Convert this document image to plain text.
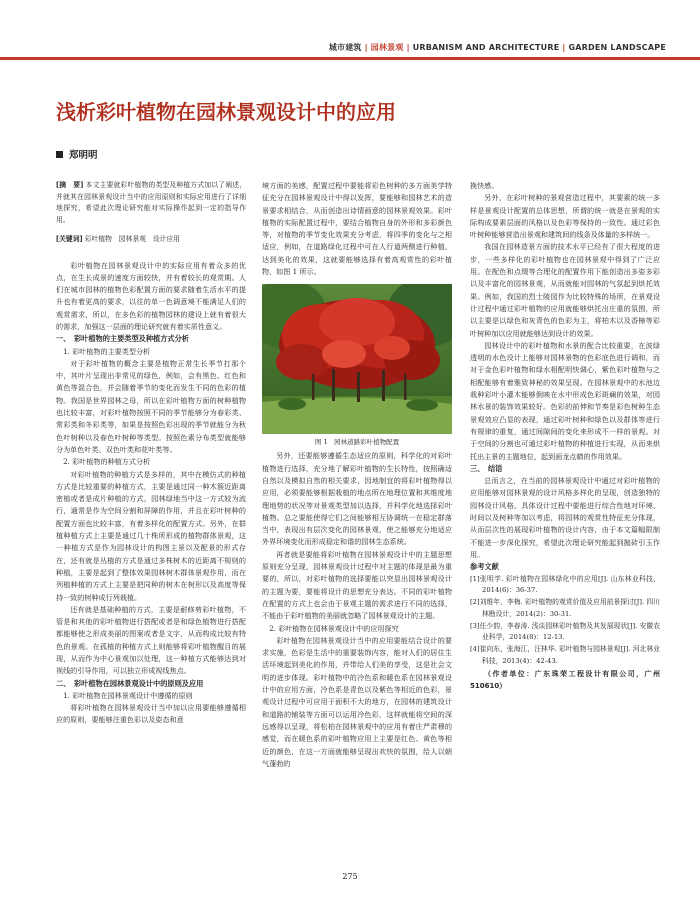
城市建筑 | 园林景观 | URBANISM AND ARCHITECTURE | GARDEN LANDSCAPE
浅析彩叶植物在园林景观设计中的应用
郑明明

[摘　要] 本文主要就彩叶植物的类型及种植方式加以了阐述，并就其在园林景观设计当中的应用原则和实际应用进行了详细地探究，希望此次理论研究能对实际操作起到一定的指导作用。

[关键词] 彩叶植物　园林景观　设计应用

彩叶植物在园林景观设计中的实际应用有着众多的优点，在生长成景的速度方面较快，并有着较长的观赏期。人们在城市园林的植物色彩配置方面的要求随着生活水平的提升也有着更高的要求，以往的单一色调意境不能满足人们的观赏需求，所以，在多色彩的植物园林的建设上就有着很大的需求，加强这一层面的理论研究就有着实质性意义。

一、　彩叶植物的主要类型及种植方式分析
1. 彩叶植物的主要类型分析

对于彩叶植物的概念主要是植物正常生长季节打那个中，其叶片呈现出非常见的绿色，例如，会有黑色、红色和黄色等混合色，并会随着季节的变化而发生不同的色彩的植物。我国是世界园林之母，所以在彩叶植物方面的树种植物也比较丰富，对彩叶植物按照不同的季节能够分为春彩类、常彩类和冬彩类等，如果是按照色彩出现的季节就能分为秋色叶树种以及春色叶树种等类型。按照色素分布类型就能够分为单色叶类、双色叶类和花叶类等。

2. 彩叶植物的种植方式分析

对彩叶植物的种植方式是多样的，其中在模仿式的种植方式是比较重要的种植方式，主要是通过同一种木簇近距离密植或者是成片种植的方式，园林绿地当中这一方式较为流行，通常是作为空间分割和屏障的作用，并且在彩叶树种的配置方面也比较丰富，有着多样化的配置方式。另外，在群植种植方式上主要是通过几十株所形成的植物群体景观，这一种植方式是作为园林设计的构图主景以及配景的形式存在，还有就是丛植的方式是通过多株树木的近距离不规则的种植，主要是起到了整体效果园林树木群体景观作用，而在列植种植的方式上主要是把同种的树木在树形以及高度等保持一致的树种成行列栽植。

还有就是基础种植的方式，主要是耐修剪彩叶植物，不管是和其他的彩叶植物进行搭配或者是和绿色植物进行搭配都能够使之形成美丽的图案或者是文字，从而构成比较有特色的景观。在孤植的种植方式上则能够将彩叶植物醒目的展现，从而作为中心景观加以处理，这一种植方式能够达到对视线的引导作用，可以独立形成视线焦点。

二、　彩叶植物在园林景观设计中的原则及应用
1. 彩叶植物在园林景观设计中遵循的原则

将彩叶植物在园林景观设计当中加以应用要能够遵循相应的原则，要能够注重色彩以及姿态和意

境方面的美感，配置过程中要能将彩色树种的多方面美学特征充分在园林景观设计中得以发挥，要能够和园林艺术的造景要求相结合，从而创造出诗情画意的园林景观效果。彩叶植物的实际配置过程中，要结合植物自身的外形和多彩颜色等，对植物的季节变化效果充分考虑，将四季的变化与之相适应，例如，在道路绿化过程中可在人行道两侧进行种植，达到美化的效果，这就要能够选择有着高观赏性的彩叶植物，如图 1 所示。

图 1　园林道路彩叶植物配置

另外，还要能够遵循生态适应的原则，科学化的对彩叶植物进行选择，充分地了解彩叶植物的生长特性，按照确适自然以及模拟自然的相关要求，因地制宜的将彩叶植物得以应用，必须要能够根据栽植的地点所在地理位置和其维度地理地势的状况等对景观类型加以选择，并科学化地选择彩叶植物。总之要能使得它们之间能够相互协调统一在稳定群落当中，表现出有层次变化的园林景观，使之能够充分地适应外界环境变化而形成稳定和谐的园林生态系统。

再者就是要能将彩叶植物在园林景观设计中的主题思想原则充分呈现，园林景观设计过程中对主题的体现是最为重要的，所以，对彩叶植物的选择要能以突显出园林景观设计的主题为要，要能将设计的思想充分表达。不同的彩叶植物在配置的方式上也会由于景观主题的需求进行不同的选择，不能由于彩叶植物的美丽就忽略了园林景观设计的主题。

2. 彩叶植物在园林景观设计中的应用探究

彩叶植物在园林景观设计当中的应用要能结合设计的要求实施，色彩是生活中的重要装饰内容，能对人们的居住生活环境起到美化的作用，并带给人们美的享受，这是社会文明的进步体现。彩叶植物中的冷色系和暖色系在园林景观设计中的应用方面，冷色系是青色以及紫色等相近的色彩，景观设计过程中可应用于面积不大的地方，在园林的建筑设计和道路的铺装等方面可以运用冷色彩，这样就能将空间的深远感得以呈现，将松柏在园林景观中的应用有着庄严肃穆的感觉，而在暖色系的彩叶植物应用上主要是红色、黄色等相近的颜色，在这一方面就能够呈现出欢快的氛围，给人以朝气蓬勃的

换快感。

另外，在彩叶树种的景观营造过程中，其要素的统一多样是景观设计配置的总体思想，所谓的统一就是在景观的实际构成要素层面的风格以及色彩等保持的一致性。通过彩色叶树种能够营造出景观和建筑间的线条及体量的多样统一。

我国在园林造景方面的技术水平已经有了很大程度的进步，一些多样化的彩叶植物也在园林景观中得到了广泛应用。在配色和点缀等合理化的配置作用下能创造出多姿多彩以及丰富化的园林景观，从而就能对园林的气氛起到烘托效果。例如，我国的烈士陵园作为比较特殊的场所，在景观设计过程中通过彩叶植物的应用就能够烘托出庄重的氛围，所以主要是以绿色和灰青色的色彩为主，将柏木以及香樟等彩叶树种加以应用就能够达到设计的效果。

园林设计中的彩叶植物和水景的配合比较重要，在波绿透明的水色设计上能够对园林景物的色彩底色进行调和，而对于金色彩叶植物和绿水相配明快调心，紫色彩叶植物与之相配能够有着雅致神秘的效果呈现。在园林景观中的水池边栽种彩叶小灌木能够倒映在水中形成色彩斑斓的效果，对园林水景的装饰效果较好。色彩的前伸和节奏是彩色树种生态景观效应凸显的表现，通过彩叶树种和绿色以及群体等进行有规律的重复，通过间隙间的变化来形成不一样的景观。对于空间的分割也可通过彩叶植物的种植进行实现，从而来烘托出主景的主题地位，起到画龙点睛的作用效果。

三、　结语

总而言之，在当前的园林景观设计中通过对彩叶植物的应用能够对园林景观的设计风格多样化的呈现，创造独特的园林设计风格。具体设计过程中要能进行综合性地对环境、时间以及树种等加以考虑，将园林的观赏性特征充分体现，从而层次性的展现彩叶植物的设计内容，由于本文篇幅限制不能进一步深化探究，希望此次理论研究能起到抛砖引玉作用。

参考文献
[1]张明学. 彩叶植物在园林绿化中的应用[J]. 山东林业科技，2014(6)：36-37.
[2]刘维年，李梅. 彩叶植物的观赏价值及应用前景探讨[J]. 四川林勘设计，2014(2)：30-31.
[3]任少韵，李春涛. 浅谈园林彩叶植物及其发展现状[J]. 安徽农业科学，2014(8)：12-13.
[4]崔向东，张海江，汪林华. 彩叶植物与园林景观[J]. 河北林业科技，2013(4)：42-43.

（作者单位：广东珠荣工程设计有限公司，广州510610）

275
